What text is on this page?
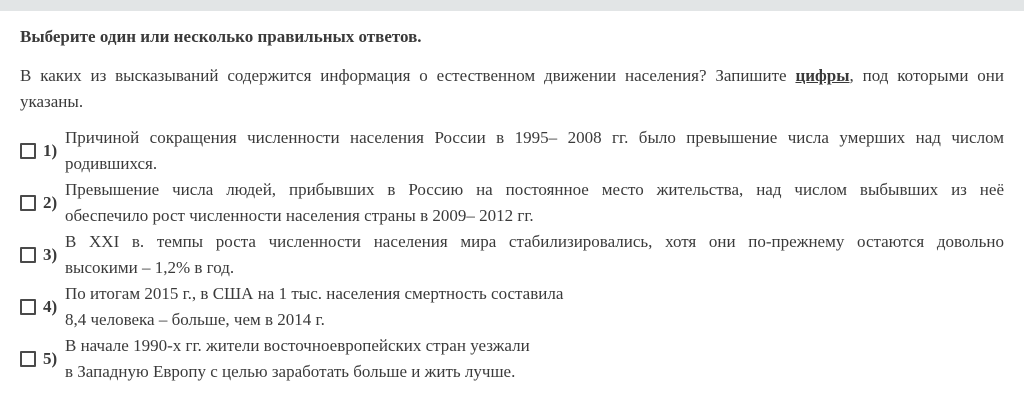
Выберите один или несколько правильных ответов.
В каких из высказываний содержится информация о естественном движении населения? Запишите цифры, под которыми они
указаны.
1)
Причиной сокращения численности населения России в 1995– 2008 гг. было превышение числа умерших над числом
родившихся.
2)
Превышение числа людей, прибывших в Россию на постоянное место жительства, над числом выбывших из неё
обеспечило рост численности населения страны в 2009– 2012 гг.
3)
В XXI в. темпы роста численности населения мира стабилизировались, хотя они по-прежнему остаются довольно
высокими – 1,2% в год.
4)
По итогам 2015 г., в США на 1 тыс. населения смертность составила
8,4 человека – больше, чем в 2014 г.
5)
В начале 1990-х гг. жители восточноевропейских стран уезжали
в Западную Европу с целью заработать больше и жить лучше.
